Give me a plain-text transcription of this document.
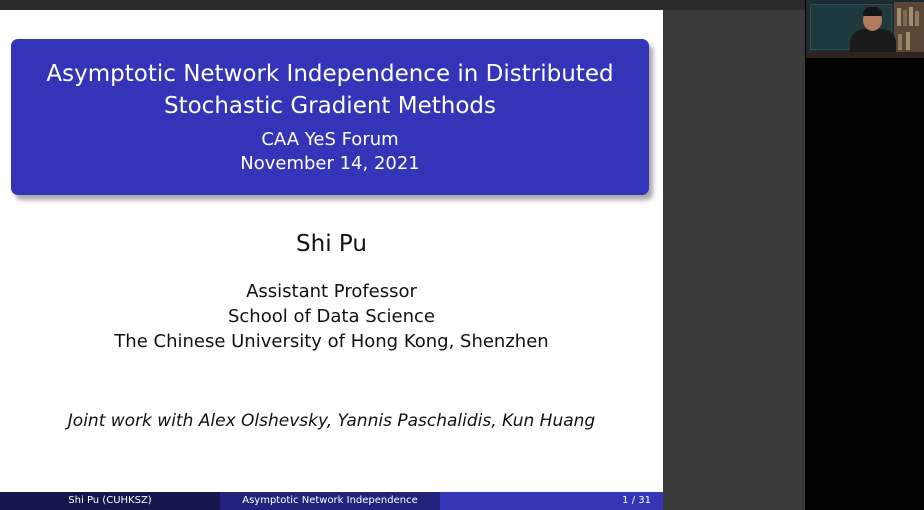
Asymptotic Network Independence in Distributed
Stochastic Gradient Methods
CAA YeS Forum
November 14, 2021
Shi Pu
Assistant Professor
School of Data Science
The Chinese University of Hong Kong, Shenzhen
Joint work with Alex Olshevsky, Yannis Paschalidis, Kun Huang
Shi Pu (CUHKSZ)	Asymptotic Network Independence	1 / 31
